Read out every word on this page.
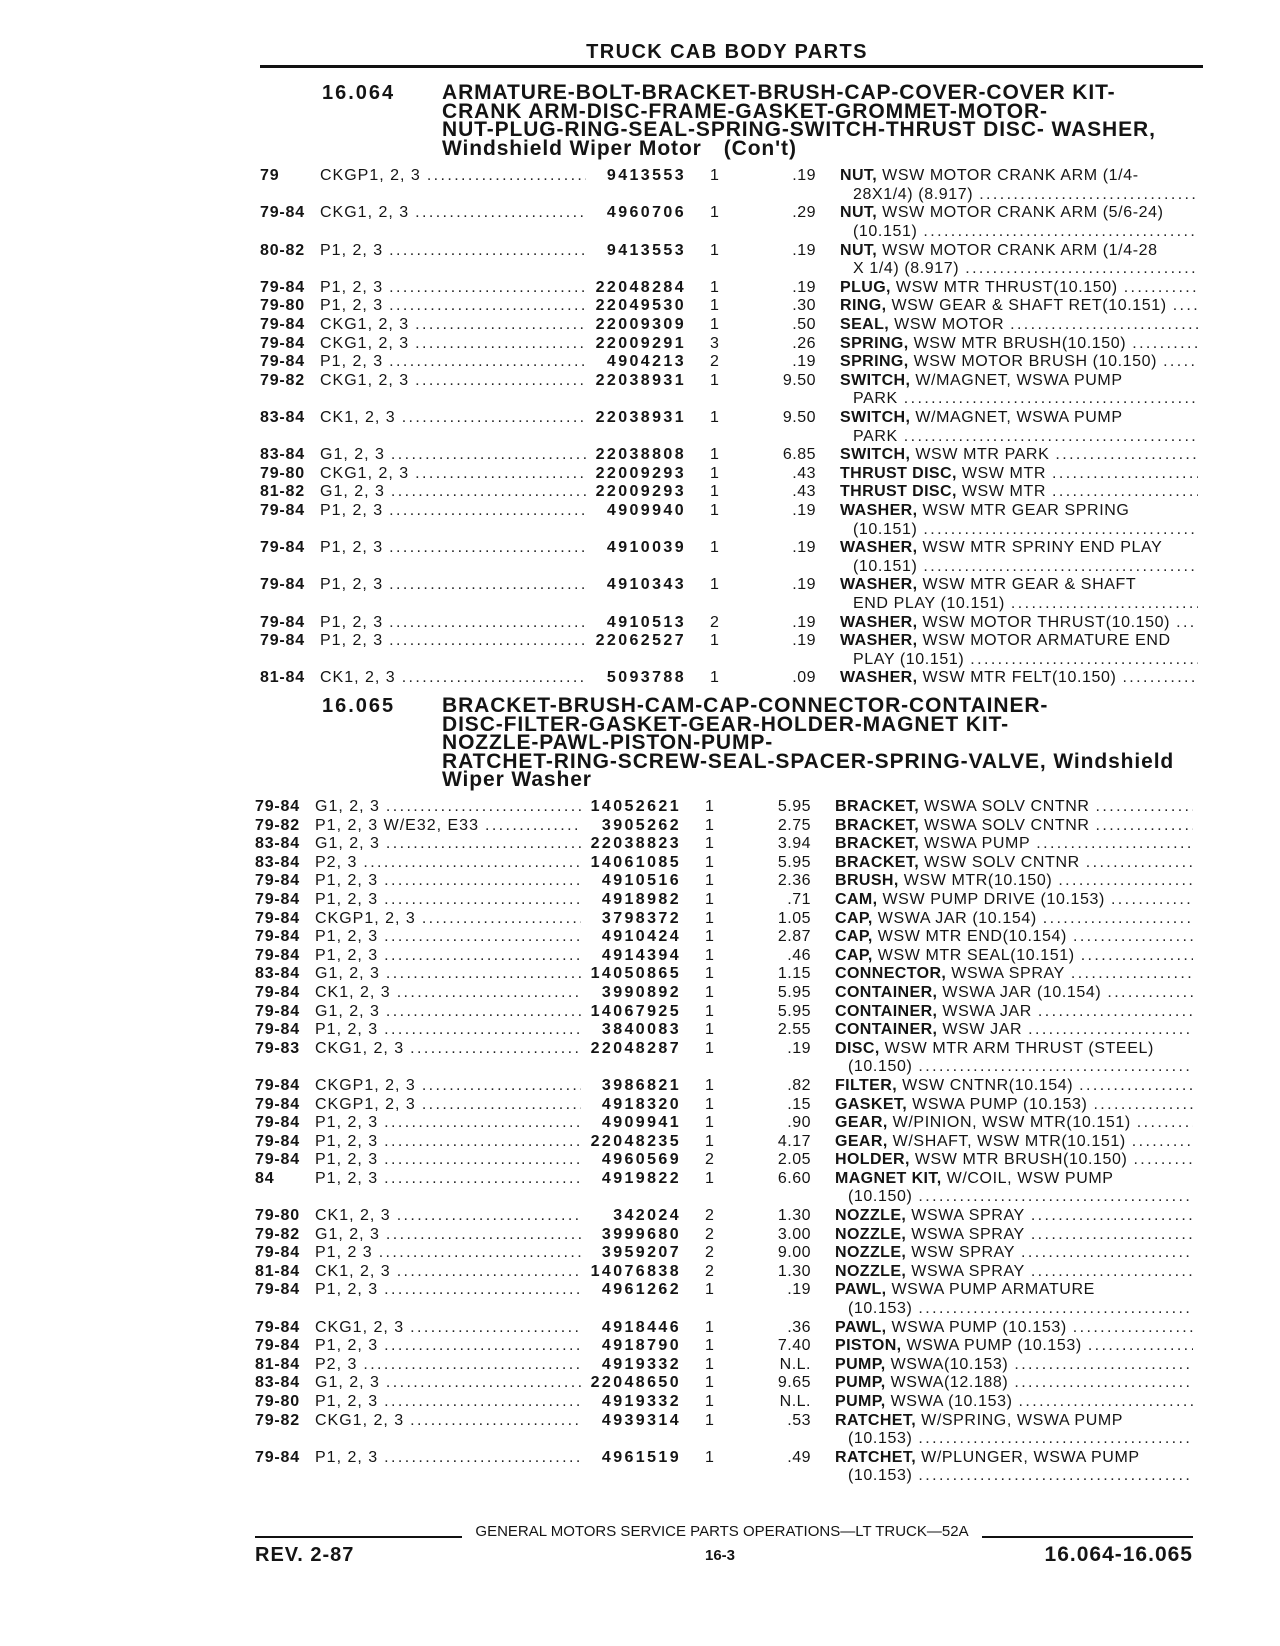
TRUCK CAB BODY PARTS
16.064 ARMATURE-BOLT-BRACKET-BRUSH-CAP-COVER-COVER KIT-
CRANK ARM-DISC-FRAME-GASKET-GROMMET-MOTOR-
NUT-PLUG-RING-SEAL-SPRING-SWITCH-THRUST DISC- WASHER,
Windshield Wiper Motor (Con't)
79	CKGP1, 2, 3 .....	9413553 1	.19 NUT, WSW MOTOR CRANK ARM (1/4-
28X1/4) (8.917)
.....
79-84 CKG1, 2, 3 .....	4960706 1	.29 NUT, WSW MOTOR CRANK ARM (5/6-24)
(10.151)
.....
80-82 P1, 2, 3 .....	9413553 1	.19 NUT, WSW MOTOR CRANK ARM (1/4-28
X 1/4) (8.917)
.....
79-84 P1, 2, 3 .....	22048284 1	.19 PLUG, WSW MTR THRUST(10.150)
.....
79-80 P1, 2, 3 .....	22049530 1	.30 RING, WSW GEAR & SHAFT RET(10.151)
.....
79-84 CKG1, 2, 3 .....	22009309 1	.50 SEAL, WSW MOTOR
.....
79-84 CKG1, 2, 3 .....	22009291 3	.26 SPRING, WSW MTR BRUSH(10.150)
.....
79-84 P1, 2, 3 .....	4904213 2	.19 SPRING, WSW MOTOR BRUSH (10.150)
.....
79-82 CKG1, 2, 3 .....	22038931 1	9.50 SWITCH, W/MAGNET, WSWA PUMP
PARK
.....
83-84 CK1, 2, 3 .....	22038931 1	9.50 SWITCH, W/MAGNET, WSWA PUMP
PARK
.....
83-84 G1, 2, 3 .....	22038808 1	6.85 SWITCH, WSW MTR PARK
.....
79-80 CKG1, 2, 3 .....	22009293 1	.43 THRUST DISC, WSW MTR
.....
81-82 G1, 2, 3 .....	22009293 1	.43 THRUST DISC, WSW MTR
.....
79-84 P1, 2, 3 .....	4909940 1	.19 WASHER, WSW MTR GEAR SPRING
(10.151)
.....
79-84 P1, 2, 3 .....	4910039 1	.19 WASHER, WSW MTR SPRINY END PLAY
(10.151)
.....
79-84 P1, 2, 3 .....	4910343 1	.19 WASHER, WSW MTR GEAR & SHAFT
END PLAY (10.151)
.....
79-84 P1, 2, 3 .....	4910513 2	.19 WASHER, WSW MOTOR THRUST(10.150)
.....
79-84 P1, 2, 3 .....	22062527 1	.19 WASHER, WSW MOTOR ARMATURE END
PLAY (10.151)
.....
81-84 CK1, 2, 3 .....	5093788 1	.09 WASHER, WSW MTR FELT(10.150)
.....
16.065 BRACKET-BRUSH-CAM-CAP-CONNECTOR-CONTAINER-
DISC-FILTER-GASKET-GEAR-HOLDER-MAGNET KIT-
NOZZLE-PAWL-PISTON-PUMP-
RATCHET-RING-SCREW-SEAL-SPACER-SPRING-VALVE, Windshield
Wiper Washer
79-84 G1, 2, 3 .....	14052621 1	5.95 BRACKET, WSWA SOLV CNTNR
.....
79-82 P1, 2, 3 W/E32, E33 .....	3905262 1	2.75 BRACKET, WSWA SOLV CNTNR
.....
83-84 G1, 2, 3 .....	22038823 1	3.94 BRACKET, WSWA PUMP
.....
83-84 P2, 3 .....	14061085 1	5.95 BRACKET, WSW SOLV CNTNR
.....
79-84 P1, 2, 3 .....	4910516 1	2.36 BRUSH, WSW MTR(10.150)
.....
79-84 P1, 2, 3 .....	4918982 1	.71 CAM, WSW PUMP DRIVE (10.153)
.....
79-84 CKGP1, 2, 3 .....	3798372 1	1.05 CAP, WSWA JAR (10.154)
.....
79-84 P1, 2, 3 .....	4910424 1	2.87 CAP, WSW MTR END(10.154)
.....
79-84 P1, 2, 3 .....	4914394 1	.46 CAP, WSW MTR SEAL(10.151)
.....
83-84 G1, 2, 3 .....	14050865 1	1.15 CONNECTOR, WSWA SPRAY
.....
79-84 CK1, 2, 3 .....	3990892 1	5.95 CONTAINER, WSWA JAR (10.154)
.....
79-84 G1, 2, 3 .....	14067925 1	5.95 CONTAINER, WSWA JAR
.....
79-84 P1, 2, 3 .....	3840083 1	2.55 CONTAINER, WSW JAR
.....
79-83 CKG1, 2, 3 .....	22048287 1	.19 DISC, WSW MTR ARM THRUST (STEEL)
(10.150)
.....
79-84 CKGP1, 2, 3 .....	3986821 1	.82 FILTER, WSW CNTNR(10.154)
.....
79-84 CKGP1, 2, 3 .....	4918320 1	.15 GASKET, WSWA PUMP (10.153)
.....
79-84 P1, 2, 3 .....	4909941 1	.90 GEAR, W/PINION, WSW MTR(10.151)
.....
79-84 P1, 2, 3 .....	22048235 1	4.17 GEAR, W/SHAFT, WSW MTR(10.151)
.....
79-84 P1, 2, 3 .....	4960569 2	2.05 HOLDER, WSW MTR BRUSH(10.150)
.....
84	P1, 2, 3 .....	4919822 1	6.60 MAGNET KIT, W/COIL, WSW PUMP
(10.150)
.....
79-80 CK1, 2, 3 .....	342024 2	1.30 NOZZLE, WSWA SPRAY
.....
79-82 G1, 2, 3 .....	3999680 2	3.00 NOZZLE, WSWA SPRAY
.....
79-84 P1, 2 3 .....	3959207 2	9.00 NOZZLE, WSW SPRAY
.....
81-84 CK1, 2, 3 .....	14076838 2	1.30 NOZZLE, WSWA SPRAY
.....
79-84 P1, 2, 3 .....	4961262 1	.19 PAWL, WSWA PUMP ARMATURE
(10.153)
.....
79-84 CKG1, 2, 3 .....	4918446 1	.36 PAWL, WSWA PUMP (10.153)
.....
79-84 P1, 2, 3 .....	4918790 1	7.40 PISTON, WSWA PUMP (10.153)
.....
81-84 P2, 3 .....	4919332 1	N.L. PUMP, WSWA(10.153)
.....
83-84 G1, 2, 3 .....	22048650 1	9.65 PUMP, WSWA(12.188)
.....
79-80 P1, 2, 3 .....	4919332 1	N.L. PUMP, WSWA (10.153)
.....
79-82 CKG1, 2, 3 .....	4939314 1	.53 RATCHET, W/SPRING, WSWA PUMP
(10.153)
.....
79-84 P1, 2, 3 .....	4961519 1	.49 RATCHET, W/PLUNGER, WSWA PUMP
(10.153)
.....
GENERAL MOTORS SERVICE PARTS OPERATIONS—LT TRUCK—52A
REV. 2-87	16-3	16.064-16.065
